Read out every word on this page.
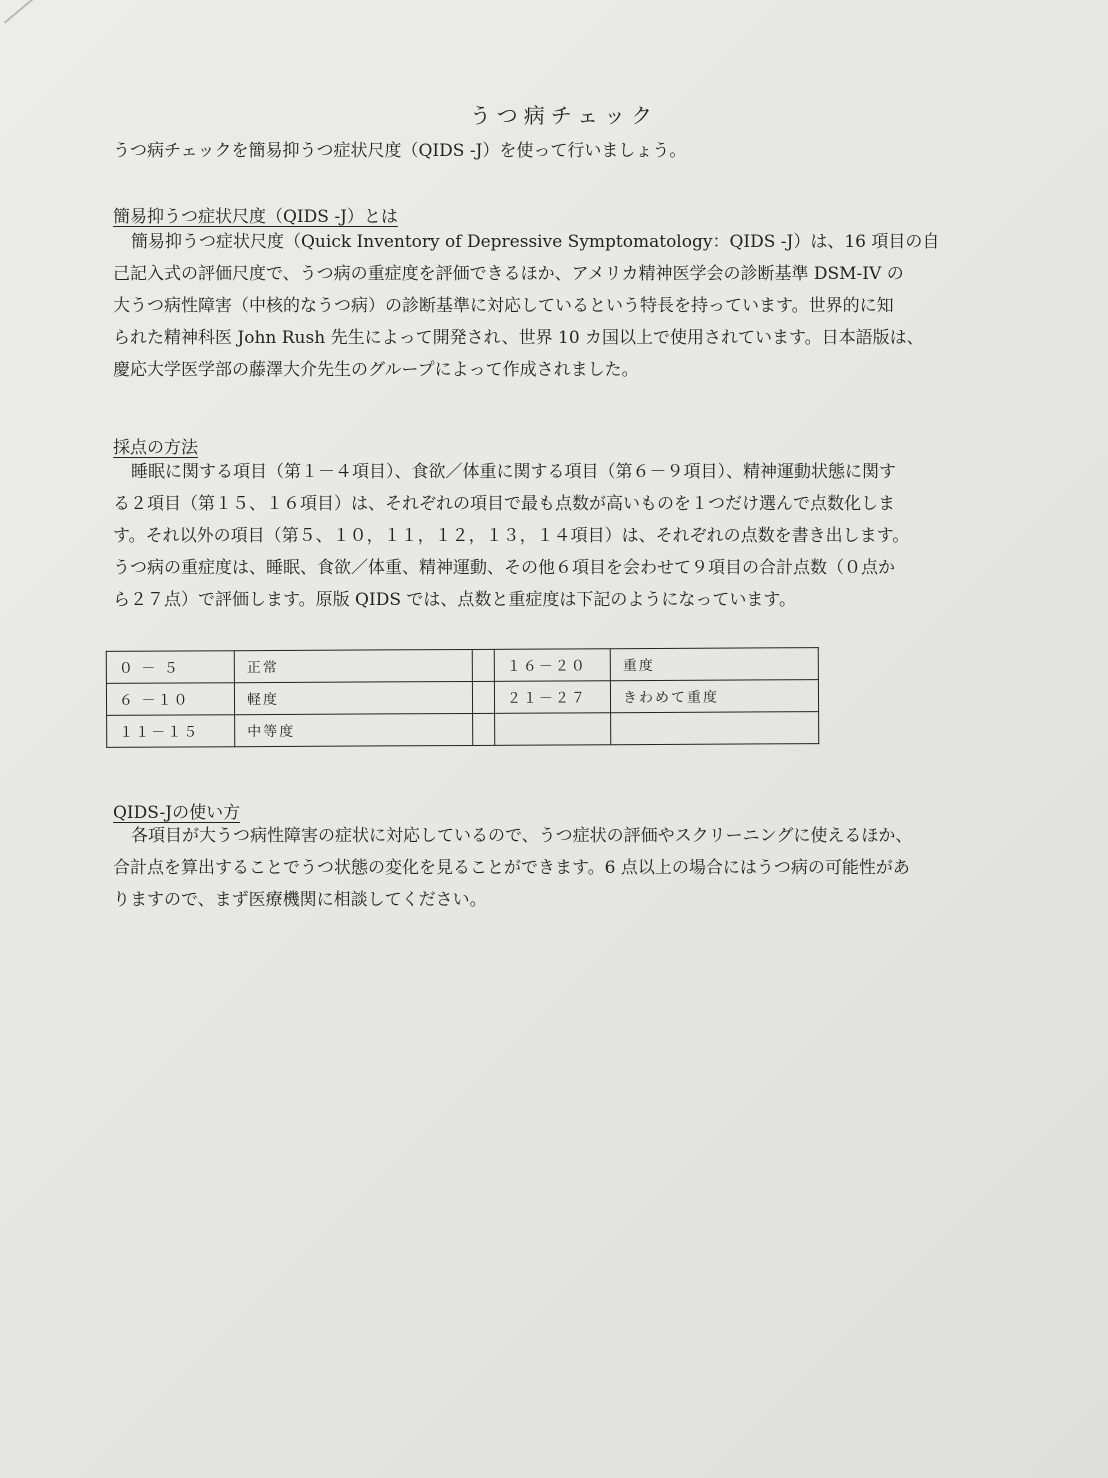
うつ病チェック
うつ病チェックを簡易抑うつ症状尺度（QIDS -J）を使って行いましょう。
簡易抑うつ症状尺度（QIDS -J）とは
簡易抑うつ症状尺度（Quick Inventory of Depressive Symptomatology：QIDS -J）は、16 項目の自
己記入式の評価尺度で、うつ病の重症度を評価できるほか、アメリカ精神医学会の診断基準 DSM-IV の
大うつ病性障害（中核的なうつ病）の診断基準に対応しているという特長を持っています。世界的に知
られた精神科医 John Rush 先生によって開発され、世界 10 カ国以上で使用されています。日本語版は、
慶応大学医学部の藤澤大介先生のグループによって作成されました。
採点の方法
睡眠に関する項目（第１－４項目）、食欲／体重に関する項目（第６－９項目）、精神運動状態に関す
る２項目（第１５、１６項目）は、それぞれの項目で最も点数が高いものを１つだけ選んで点数化しま
す。それ以外の項目（第５、１０，１１，１２，１３，１４項目）は、それぞれの点数を書き出します。
うつ病の重症度は、睡眠、食欲／体重、精神運動、その他６項目を会わせて９項目の合計点数（０点か
ら２７点）で評価します。原版 QIDS では、点数と重症度は下記のようになっています。
０ － ５	正常		１６－２０	重度
６ －１０	軽度		２１－２７	きわめて重度
１１－１５	中等度			
QIDS-Jの使い方
各項目が大うつ病性障害の症状に対応しているので、うつ症状の評価やスクリーニングに使えるほか、
合計点を算出することでうつ状態の変化を見ることができます。6 点以上の場合にはうつ病の可能性があ
りますので、まず医療機関に相談してください。
